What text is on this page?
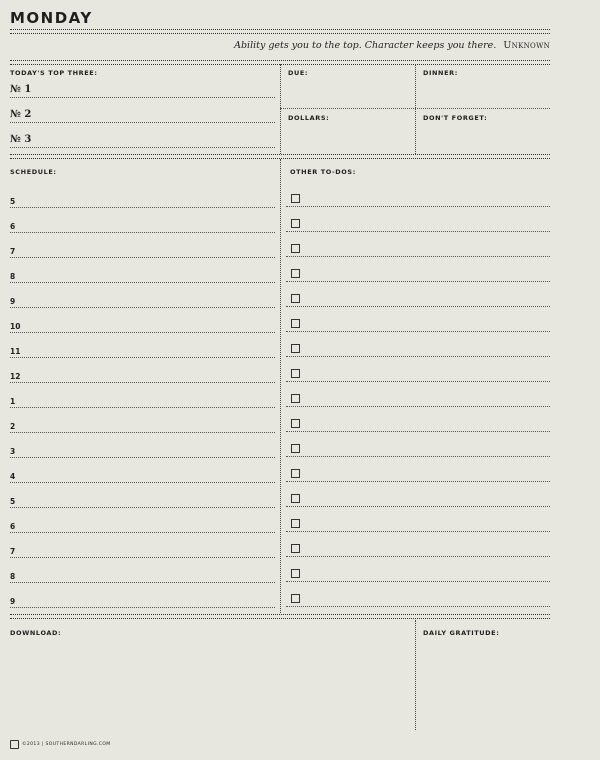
MONDAY
Ability gets you to the top. Character keeps you there. Unknown
TODAY'S TOP THREE:
№ 1
№ 2
№ 3
DUE:	DINNER:
DOLLARS:	DON'T FORGET:
SCHEDULE:	OTHER TO-DOS:
5
6
7
8
9
10
11
12
1
2
3
4
5
6
7
8
9
DOWNLOAD:	DAILY GRATITUDE:
©2013 | SOUTHERNDARLING.COM
